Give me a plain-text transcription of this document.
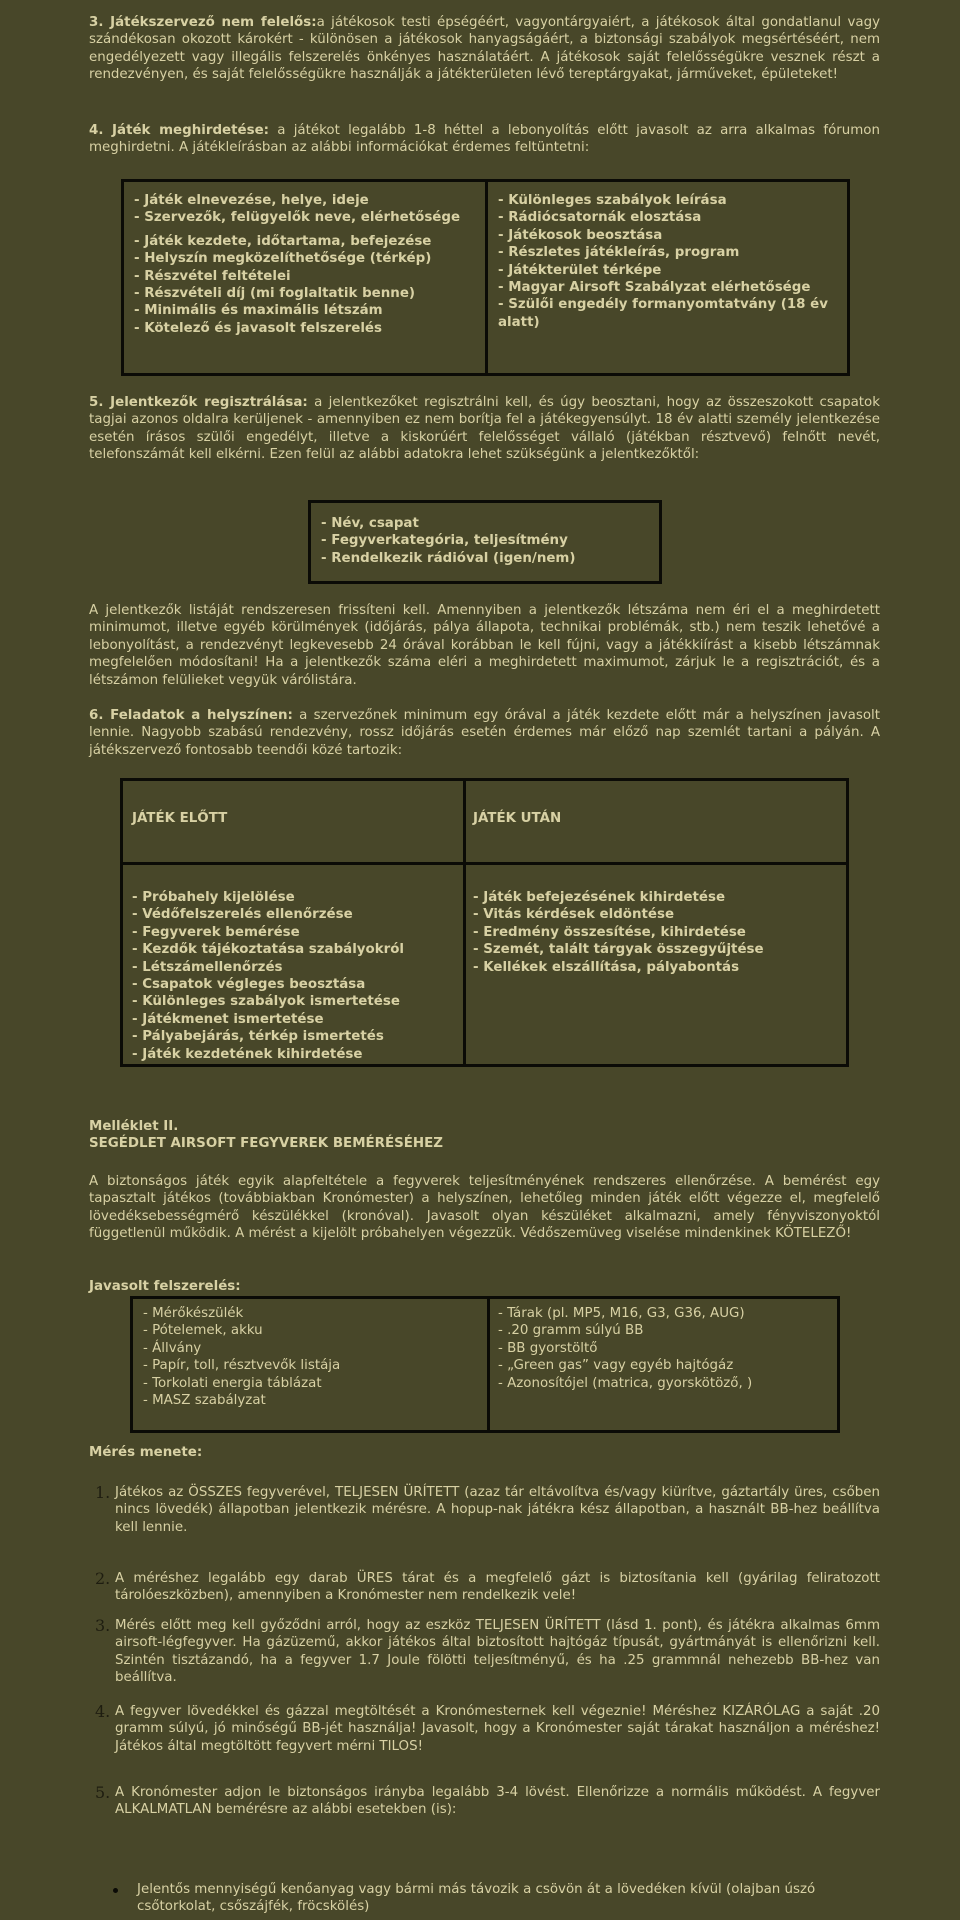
3. Játékszervező nem felelős:a játékosok testi épségéért, vagyontárgyaiért, a játékosok által gondatlanul vagy szándékosan okozott károkért - különösen a játékosok hanyagságáért, a biztonsági szabályok megsértéséért, nem engedélyezett vagy illegális felszerelés önkényes használatáért. A játékosok saját felelősségükre vesznek részt a rendezvényen, és saját felelősségükre használják a játékterületen lévő tereptárgyakat, járműveket, épületeket!

4. Játék meghirdetése: a játékot legalább 1-8 héttel a lebonyolítás előtt javasolt az arra alkalmas fórumon meghirdetni. A játékleírásban az alábbi információkat érdemes feltüntetni:

- Játék elnevezése, helye, ideje
- Szervezők, felügyelők neve, elérhetősége
- Játék kezdete, időtartama, befejezése
- Helyszín megközelíthetősége (térkép)
- Részvétel feltételei
- Részvételi díj (mi foglaltatik benne)
- Minimális és maximális létszám
- Kötelező és javasolt felszerelés
- Különleges szabályok leírása
- Rádiócsatornák elosztása
- Játékosok beosztása
- Részletes játékleírás, program
- Játékterület térképe
- Magyar Airsoft Szabályzat elérhetősége
- Szülői engedély formanyomtatvány (18 év alatt)

5. Jelentkezők regisztrálása: a jelentkezőket regisztrálni kell, és úgy beosztani, hogy az összeszokott csapatok tagjai azonos oldalra kerüljenek - amennyiben ez nem borítja fel a játékegyensúlyt. 18 év alatti személy jelentkezése esetén írásos szülői engedélyt, illetve a kiskorúért felelősséget vállaló (játékban résztvevő) felnőtt nevét, telefonszámát kell elkérni. Ezen felül az alábbi adatokra lehet szükségünk a jelentkezőktől:

- Név, csapat
- Fegyverkategória, teljesítmény
- Rendelkezik rádióval (igen/nem)

A jelentkezők listáját rendszeresen frissíteni kell. Amennyiben a jelentkezők létszáma nem éri el a meghirdetett minimumot, illetve egyéb körülmények (időjárás, pálya állapota, technikai problémák, stb.) nem teszik lehetővé a lebonyolítást, a rendezvényt legkevesebb 24 órával korábban le kell fújni, vagy a játékkiírást a kisebb létszámnak megfelelően módosítani! Ha a jelentkezők száma eléri a meghirdetett maximumot, zárjuk le a regisztrációt, és a létszámon felülieket vegyük várólistára.

6. Feladatok a helyszínen: a szervezőnek minimum egy órával a játék kezdete előtt már a helyszínen javasolt lennie. Nagyobb szabású rendezvény, rossz időjárás esetén érdemes már előző nap szemlét tartani a pályán. A játékszervező fontosabb teendői közé tartozik:

JÁTÉK ELŐTT	JÁTÉK UTÁN
- Próbahely kijelölése
- Védőfelszerelés ellenőrzése
- Fegyverek bemérése
- Kezdők tájékoztatása szabályokról
- Létszámellenőrzés
- Csapatok végleges beosztása
- Különleges szabályok ismertetése
- Játékmenet ismertetése
- Pályabejárás, térkép ismertetés
- Játék kezdetének kihirdetése
- Játék befejezésének kihirdetése
- Vitás kérdések eldöntése
- Eredmény összesítése, kihirdetése
- Szemét, talált tárgyak összegyűjtése
- Kellékek elszállítása, pályabontás
Melléklet II.
SEGÉDLET AIRSOFT FEGYVEREK BEMÉRÉSÉHEZ

A biztonságos játék egyik alapfeltétele a fegyverek teljesítményének rendszeres ellenőrzése. A bemérést egy tapasztalt játékos (továbbiakban Kronómester) a helyszínen, lehetőleg minden játék előtt végezze el, megfelelő lövedéksebességmérő készülékkel (kronóval). Javasolt olyan készüléket alkalmazni, amely fényviszonyoktól függetlenül működik. A mérést a kijelölt próbahelyen végezzük. Védőszemüveg viselése mindenkinek KÖTELEZŐ!

Javasolt felszerelés:
- Mérőkészülék
- Pótelemek, akku
- Állvány
- Papír, toll, résztvevők listája
- Torkolati energia táblázat
- MASZ szabályzat
- Tárak (pl. MP5, M16, G3, G36, AUG)
- .20 gramm súlyú BB
- BB gyorstöltő
- „Green gas” vagy egyéb hajtógáz
- Azonosítójel (matrica, gyorskötöző, )
Mérés menete:
1. Játékos az ÖSSZES fegyverével, TELJESEN ÜRÍTETT (azaz tár eltávolítva és/vagy kiürítve, gáztartály üres, csőben nincs lövedék) állapotban jelentkezik mérésre. A hopup-nak játékra kész állapotban, a használt BB-hez beállítva kell lennie.
2. A méréshez legalább egy darab ÜRES tárat és a megfelelő gázt is biztosítania kell (gyárilag feliratozott tárolóeszközben), amennyiben a Kronómester nem rendelkezik vele!
3. Mérés előtt meg kell győződni arról, hogy az eszköz TELJESEN ÜRÍTETT (lásd 1. pont), és játékra alkalmas 6mm airsoft-légfegyver. Ha gázüzemű, akkor játékos által biztosított hajtógáz típusát, gyártmányát is ellenőrizni kell. Szintén tisztázandó, ha a fegyver 1.7 Joule fölötti teljesítményű, és ha .25 grammnál nehezebb BB-hez van beállítva.
4. A fegyver lövedékkel és gázzal megtöltését a Kronómesternek kell végeznie! Méréshez KIZÁRÓLAG a saját .20 gramm súlyú, jó minőségű BB-jét használja! Javasolt, hogy a Kronómester saját tárakat használjon a méréshez! Játékos által megtöltött fegyvert mérni TILOS!
5. A Kronómester adjon le biztonságos irányba legalább 3-4 lövést. Ellenőrizze a normális működést. A fegyver ALKALMATLAN bemérésre az alábbi esetekben (is):
Jelentős mennyiségű kenőanyag vagy bármi más távozik a csövön át a lövedéken kívül (olajban úszó csőtorkolat, csőszájfék, fröcskölés)
